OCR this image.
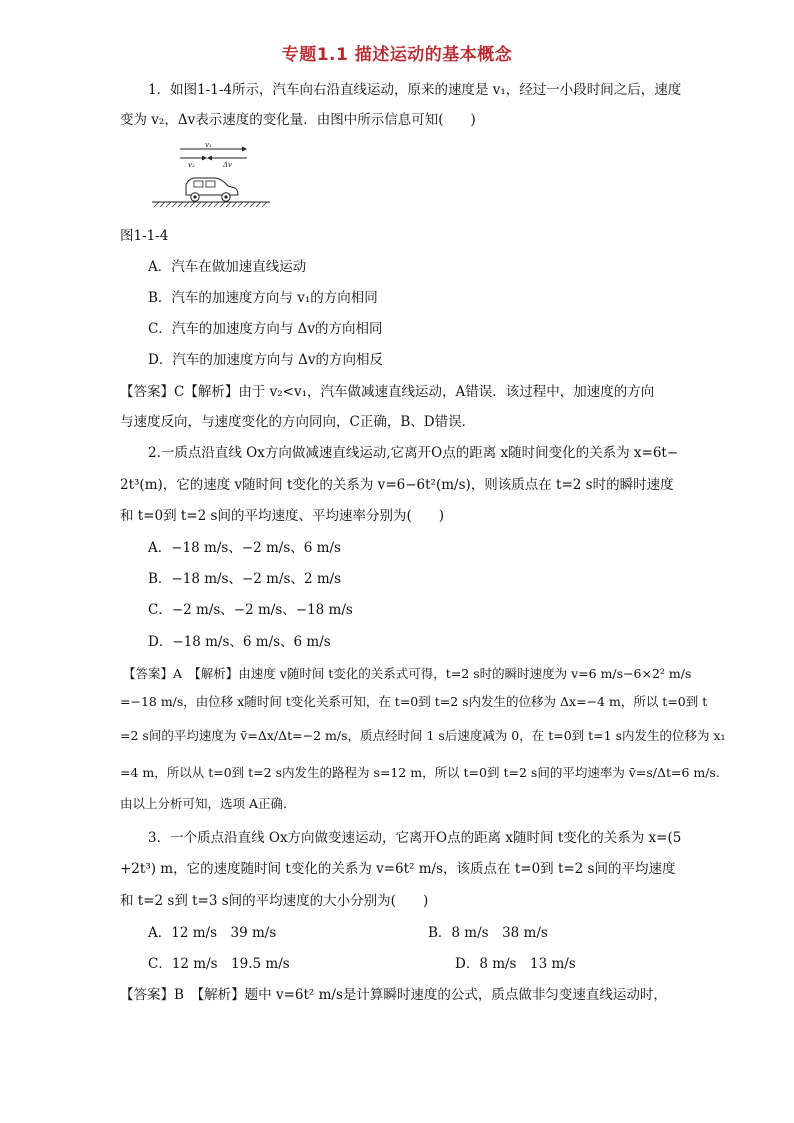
专题1.1 描述运动的基本概念
1．如图1-1-4所示，汽车向右沿直线运动，原来的速度是 v₁，经过一小段时间之后，速度
变为 v₂，Δv表示速度的变化量．由图中所示信息可知(　　)
v₁
v₂	Δv
图1-1-4
A．汽车在做加速直线运动
B．汽车的加速度方向与 v₁的方向相同
C．汽车的加速度方向与 Δv的方向相同
D．汽车的加速度方向与 Δv的方向相反
【答案】C【解析】由于 v₂<v₁，汽车做减速直线运动，A错误．该过程中，加速度的方向
与速度反向，与速度变化的方向同向，C正确，B、D错误．
2.一质点沿直线 Ox方向做减速直线运动,它离开O点的距离 x随时间变化的关系为 x=6t−
2t³(m)，它的速度 v随时间 t变化的关系为 v=6−6t²(m/s)，则该质点在 t=2 s时的瞬时速度
和 t=0到 t=2 s间的平均速度、平均速率分别为(　　)
A．−18 m/s、−2 m/s、6 m/s
B．−18 m/s、−2 m/s、2 m/s
C．−2 m/s、−2 m/s、−18 m/s
D．−18 m/s、6 m/s、6 m/s
【答案】A　【解析】由速度 v随时间 t变化的关系式可得，t=2 s时的瞬时速度为 v=6 m/s−6×2² m/s
=−18 m/s，由位移 x随时间 t变化关系可知，在 t=0到 t=2 s内发生的位移为 Δx=−4 m，所以 t=0到 t
=2 s间的平均速度为 v̄=Δx/Δt=−2 m/s，质点经时间 1 s后速度减为 0，在 t=0到 t=1 s内发生的位移为 x₁
=4 m，所以从 t=0到 t=2 s内发生的路程为 s=12 m，所以 t=0到 t=2 s间的平均速率为 v̄=s/Δt=6 m/s.
由以上分析可知，选项 A正确.
3．一个质点沿直线 Ox方向做变速运动，它离开O点的距离 x随时间 t变化的关系为 x=(5
+2t³) m，它的速度随时间 t变化的关系为 v=6t² m/s，该质点在 t=0到 t=2 s间的平均速度
和 t=2 s到 t=3 s间的平均速度的大小分别为(　　)
A．12 m/s　39 m/s	B．8 m/s　38 m/s
C．12 m/s　19.5 m/s	D．8 m/s　13 m/s
【答案】B　【解析】题中 v=6t² m/s是计算瞬时速度的公式，质点做非匀变速直线运动时，
